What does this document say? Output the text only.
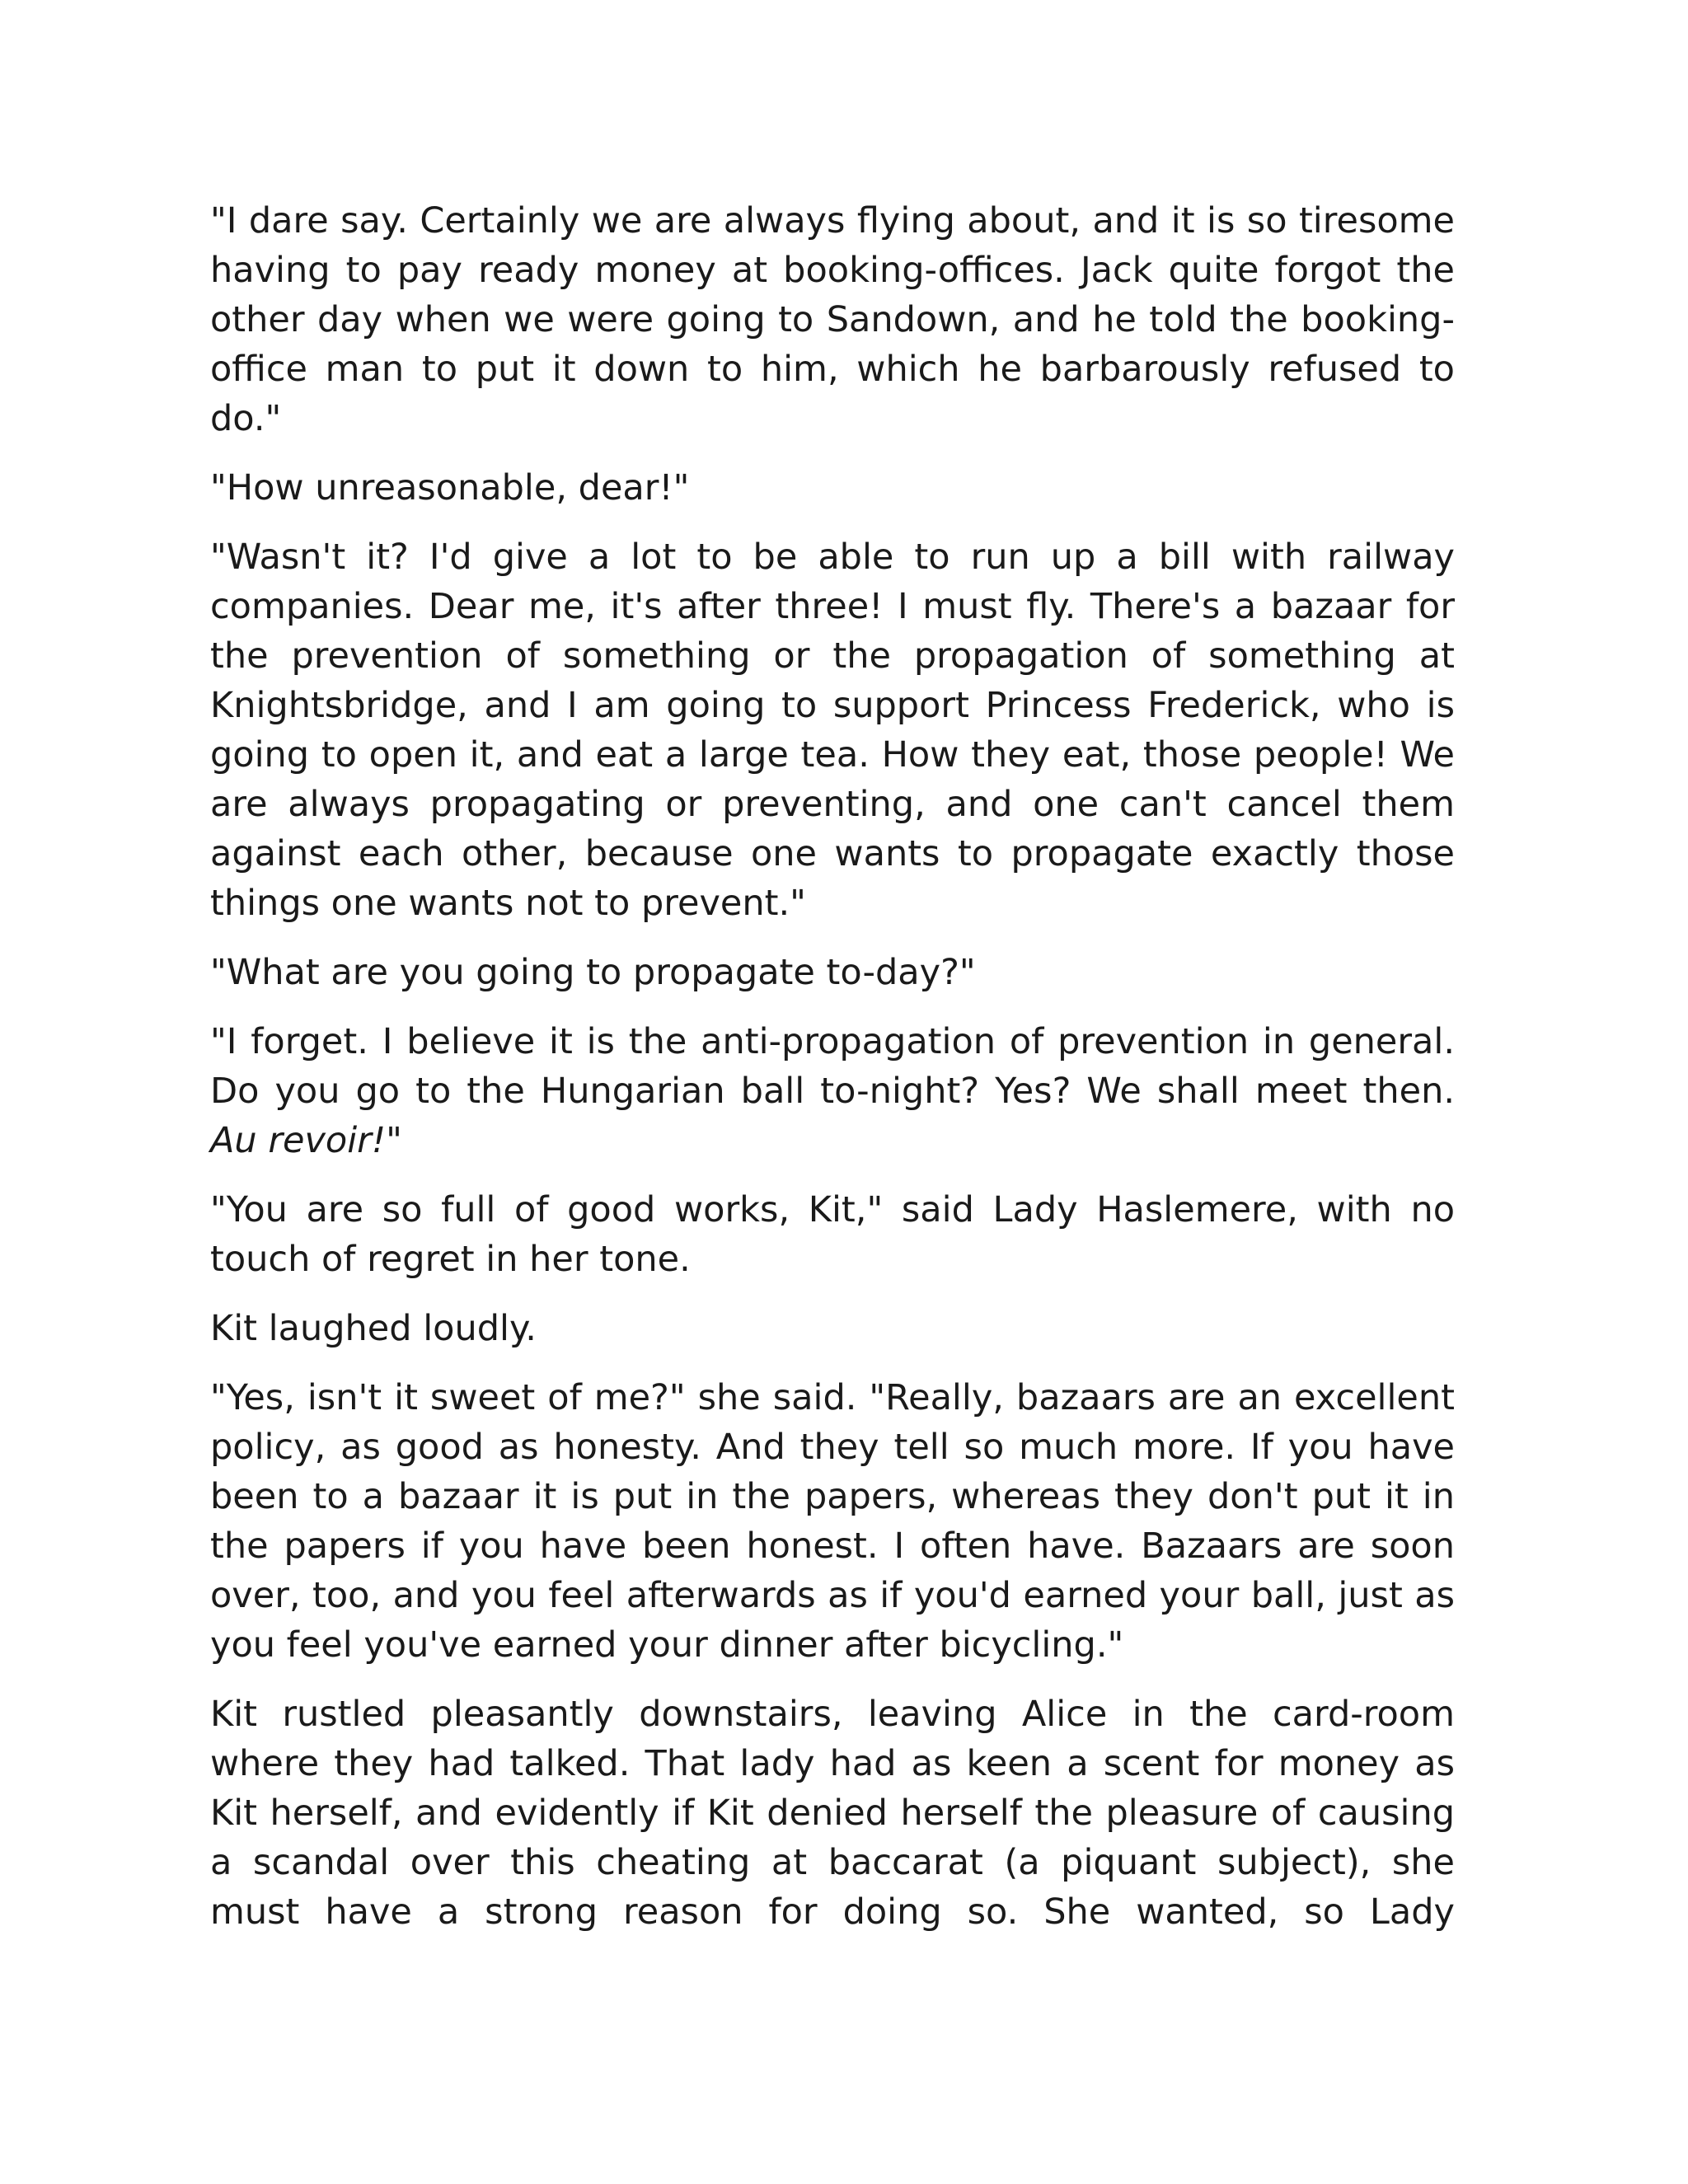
"I dare say. Certainly we are always flying about, and it is so tiresome having to pay ready money at booking-offices. Jack quite forgot the other day when we were going to Sandown, and he told the booking-office man to put it down to him, which he barbarously refused to do."

"How unreasonable, dear!"

"Wasn't it? I'd give a lot to be able to run up a bill with railway companies. Dear me, it's after three! I must fly. There's a bazaar for the prevention of something or the propagation of something at Knightsbridge, and I am going to support Princess Frederick, who is going to open it, and eat a large tea. How they eat, those people! We are always propagating or preventing, and one can't cancel them against each other, because one wants to propagate exactly those things one wants not to prevent."

"What are you going to propagate to-day?"

"I forget. I believe it is the anti-propagation of prevention in general. Do you go to the Hungarian ball to-night? Yes? We shall meet then. Au revoir!"

"You are so full of good works, Kit," said Lady Haslemere, with no touch of regret in her tone.

Kit laughed loudly.

"Yes, isn't it sweet of me?" she said. "Really, bazaars are an excellent policy, as good as honesty. And they tell so much more. If you have been to a bazaar it is put in the papers, whereas they don't put it in the papers if you have been honest. I often have. Bazaars are soon over, too, and you feel afterwards as if you'd earned your ball, just as you feel you've earned your dinner after bicycling."

Kit rustled pleasantly downstairs, leaving Alice in the card-room where they had talked. That lady had as keen a scent for money as Kit herself, and evidently if Kit denied herself the pleasure of causing a scandal over this cheating at baccarat (a piquant subject), she must have a strong reason for doing so. She wanted, so Lady
